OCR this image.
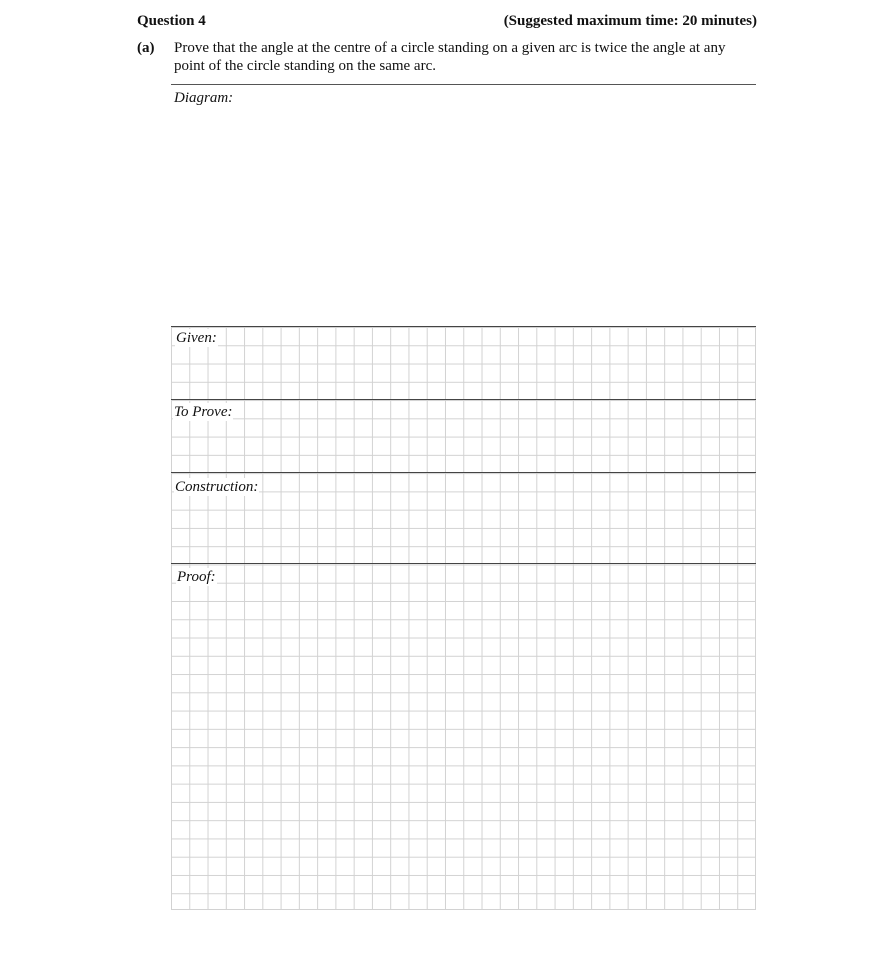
Question 4	(Suggested maximum time: 20 minutes)
(a) Prove that the angle at the centre of a circle standing on a given arc is twice the angle at any point of the circle standing on the same arc.
Diagram:
Given:
To Prove:
Construction:
Proof:
